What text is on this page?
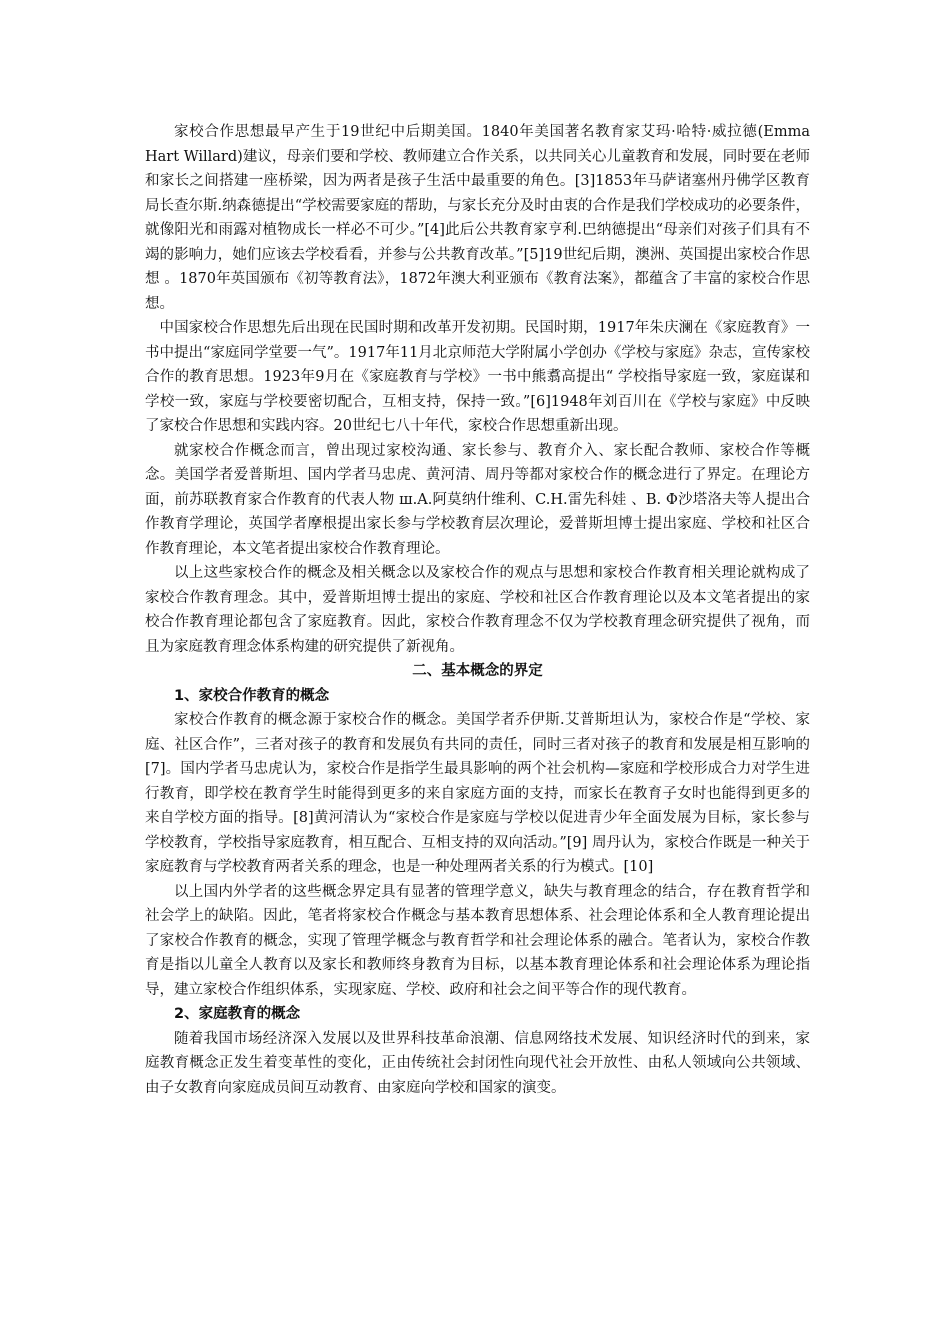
家校合作思想最早产生于19世纪中后期美国。1840年美国著名教育家艾玛·哈特·威拉德(Emma Hart Willard)建议，母亲们要和学校、教师建立合作关系，以共同关心儿童教育和发展，同时要在老师和家长之间搭建一座桥梁，因为两者是孩子生活中最重要的角色。[3]1853年马萨诸塞州丹佛学区教育局长查尔斯.纳森德提出“学校需要家庭的帮助，与家长充分及时由衷的合作是我们学校成功的必要条件，就像阳光和雨露对植物成长一样必不可少。”[4]此后公共教育家亨利.巴纳德提出“母亲们对孩子们具有不竭的影响力，她们应该去学校看看，并参与公共教育改革。”[5]19世纪后期，澳洲、英国提出家校合作思想 。1870年英国颁布《初等教育法》，1872年澳大利亚颁布《教育法案》，都蕴含了丰富的家校合作思想。

中国家校合作思想先后出现在民国时期和改革开发初期。民国时期，1917年朱庆澜在《家庭教育》一书中提出“家庭同学堂要一气”。1917年11月北京师范大学附属小学创办《学校与家庭》杂志，宣传家校合作的教育思想。1923年9月在《家庭教育与学校》一书中熊翥高提出“ 学校指导家庭一致，家庭谋和学校一致，家庭与学校要密切配合，互相支持，保持一致。”[6]1948年刘百川在《学校与家庭》中反映了家校合作思想和实践内容。20世纪七八十年代，家校合作思想重新出现。

就家校合作概念而言，曾出现过家校沟通、家长参与、教育介入、家长配合教师、家校合作等概念。美国学者爱普斯坦、国内学者马忠虎、黄河清、周丹等都对家校合作的概念进行了界定。在理论方面，前苏联教育家合作教育的代表人物 ш.A.阿莫纳什维利、C.H.雷先科娃 、B. Ф沙塔洛夫等人提出合作教育学理论，英国学者摩根提出家长参与学校教育层次理论，爱普斯坦博士提出家庭、学校和社区合作教育理论，本文笔者提出家校合作教育理论。

以上这些家校合作的概念及相关概念以及家校合作的观点与思想和家校合作教育相关理论就构成了家校合作教育理念。其中，爱普斯坦博士提出的家庭、学校和社区合作教育理论以及本文笔者提出的家校合作教育理论都包含了家庭教育。因此，家校合作教育理念不仅为学校教育理念研究提供了视角，而且为家庭教育理念体系构建的研究提供了新视角。

二、基本概念的界定
1、家校合作教育的概念

家校合作教育的概念源于家校合作的概念。美国学者乔伊斯.艾普斯坦认为，家校合作是“学校、家庭、社区合作”，三者对孩子的教育和发展负有共同的责任，同时三者对孩子的教育和发展是相互影响的[7]。国内学者马忠虎认为，家校合作是指学生最具影响的两个社会机构—家庭和学校形成合力对学生进行教育，即学校在教育学生时能得到更多的来自家庭方面的支持，而家长在教育子女时也能得到更多的来自学校方面的指导。[8]黄河清认为“家校合作是家庭与学校以促进青少年全面发展为目标，家长参与学校教育，学校指导家庭教育，相互配合、互相支持的双向活动。”[9] 周丹认为，家校合作既是一种关于家庭教育与学校教育两者关系的理念，也是一种处理两者关系的行为模式。[10]

以上国内外学者的这些概念界定具有显著的管理学意义，缺失与教育理念的结合，存在教育哲学和社会学上的缺陷。因此，笔者将家校合作概念与基本教育思想体系、社会理论体系和全人教育理论提出了家校合作教育的概念，实现了管理学概念与教育哲学和社会理论体系的融合。笔者认为，家校合作教育是指以儿童全人教育以及家长和教师终身教育为目标，以基本教育理论体系和社会理论体系为理论指导，建立家校合作组织体系，实现家庭、学校、政府和社会之间平等合作的现代教育。

2、家庭教育的概念

随着我国市场经济深入发展以及世界科技革命浪潮、信息网络技术发展、知识经济时代的到来，家庭教育概念正发生着变革性的变化，正由传统社会封闭性向现代社会开放性、由私人领域向公共领域、由子女教育向家庭成员间互动教育、由家庭向学校和国家的演变。
